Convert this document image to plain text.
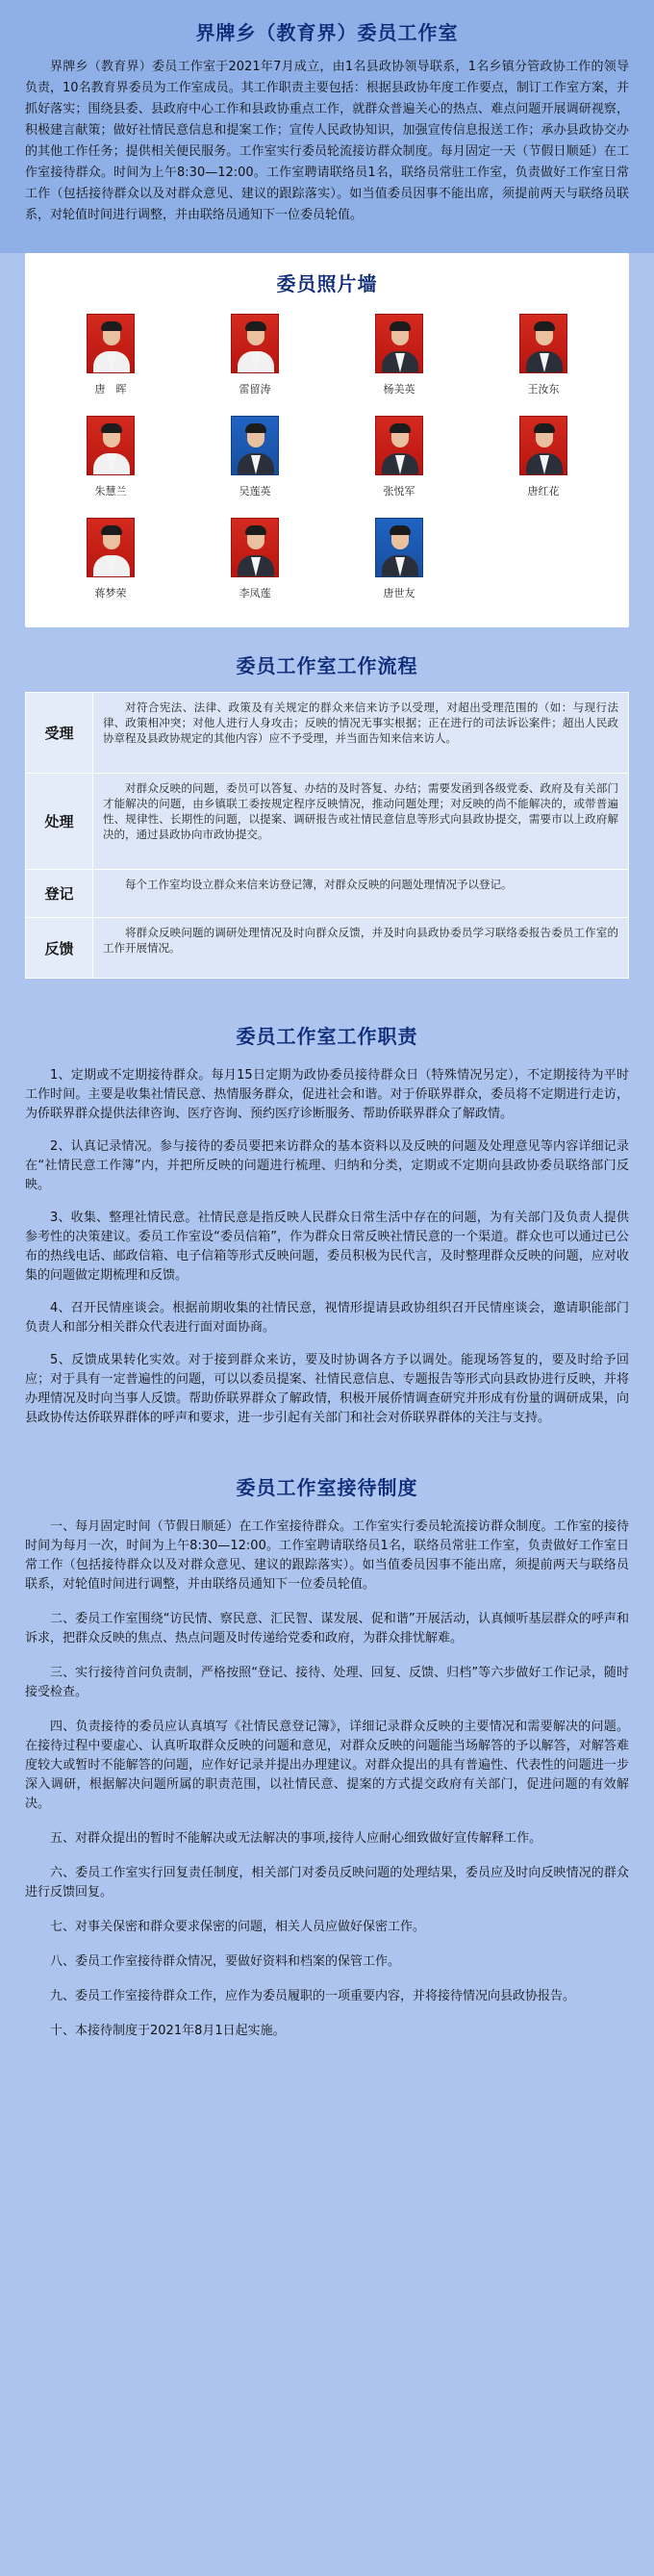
界牌乡（教育界）委员工作室

界牌乡（教育界）委员工作室于2021年7月成立，由1名县政协领导联系，1名乡镇分管政协工作的领导负责，10名教育界委员为工作室成员。其工作职责主要包括：根据县政协年度工作要点，制订工作室方案，并抓好落实；围绕县委、县政府中心工作和县政协重点工作，就群众普遍关心的热点、难点问题开展调研视察，积极建言献策；做好社情民意信息和提案工作；宣传人民政协知识，加强宣传信息报送工作；承办县政协交办的其他工作任务；提供相关便民服务。工作室实行委员轮流接访群众制度。每月固定一天（节假日顺延）在工作室接待群众。时间为上午8:30—12:00。工作室聘请联络员1名，联络员常驻工作室，负责做好工作室日常工作（包括接待群众以及对群众意见、建议的跟踪落实）。如当值委员因事不能出席，须提前两天与联络员联系，对轮值时间进行调整，并由联络员通知下一位委员轮值。

委员照片墙
唐　晖	雷留涛	杨美英	王汝东
朱慧兰	吴莲英	张悦军	唐红花
蒋梦荣	李凤莲	唐世友
委员工作室工作流程
受理
对符合宪法、法律、政策及有关规定的群众来信来访予以受理，对超出受理范围的（如：与现行法律、政策相冲突；对他人进行人身攻击；反映的情况无事实根据；正在进行的司法诉讼案件；超出人民政协章程及县政协规定的其他内容）应不予受理，并当面告知来信来访人。
处理
对群众反映的问题，委员可以答复、办结的及时答复、办结；需要发函到各级党委、政府及有关部门才能解决的问题，由乡镇联工委按规定程序反映情况，推动问题处理；对反映的尚不能解决的，或带普遍性、规律性、长期性的问题，以提案、调研报告或社情民意信息等形式向县政协提交，需要市以上政府解决的，通过县政协向市政协提交。
登记
每个工作室均设立群众来信来访登记簿，对群众反映的问题处理情况予以登记。
反馈
将群众反映问题的调研处理情况及时向群众反馈，并及时向县政协委员学习联络委报告委员工作室的工作开展情况。
委员工作室工作职责

1、定期或不定期接待群众。每月15日定期为政协委员接待群众日（特殊情况另定），不定期接待为平时工作时间。主要是收集社情民意、热情服务群众，促进社会和谐。对于侨联界群众，委员将不定期进行走访，为侨联界群众提供法律咨询、医疗咨询、预约医疗诊断服务、帮助侨联界群众了解政情。

2、认真记录情况。参与接待的委员要把来访群众的基本资料以及反映的问题及处理意见等内容详细记录在“社情民意工作簿”内，并把所反映的问题进行梳理、归纳和分类，定期或不定期向县政协委员联络部门反映。

3、收集、整理社情民意。社情民意是指反映人民群众日常生活中存在的问题，为有关部门及负责人提供参考性的决策建议。委员工作室设“委员信箱”，作为群众日常反映社情民意的一个渠道。群众也可以通过已公布的热线电话、邮政信箱、电子信箱等形式反映问题，委员积极为民代言，及时整理群众反映的问题，应对收集的问题做定期梳理和反馈。

4、召开民情座谈会。根据前期收集的社情民意，视情形提请县政协组织召开民情座谈会，邀请职能部门负责人和部分相关群众代表进行面对面协商。

5、反馈成果转化实效。对于接到群众来访，要及时协调各方予以调处。能现场答复的，要及时给予回应；对于具有一定普遍性的问题，可以以委员提案、社情民意信息、专题报告等形式向县政协进行反映，并将办理情况及时向当事人反馈。帮助侨联界群众了解政情，积极开展侨情调查研究并形成有份量的调研成果，向县政协传达侨联界群体的呼声和要求，进一步引起有关部门和社会对侨联界群体的关注与支持。

委员工作室接待制度

一、每月固定时间（节假日顺延）在工作室接待群众。工作室实行委员轮流接访群众制度。工作室的接待时间为每月一次，时间为上午8:30—12:00。工作室聘请联络员1名，联络员常驻工作室，负责做好工作室日常工作（包括接待群众以及对群众意见、建议的跟踪落实）。如当值委员因事不能出席，须提前两天与联络员联系，对轮值时间进行调整，并由联络员通知下一位委员轮值。

二、委员工作室围绕“访民情、察民意、汇民智、谋发展、促和谐”开展活动，认真倾听基层群众的呼声和诉求，把群众反映的焦点、热点问题及时传递给党委和政府，为群众排忧解难。

三、实行接待首问负责制，严格按照“登记、接待、处理、回复、反馈、归档”等六步做好工作记录，随时接受检查。

四、负责接待的委员应认真填写《社情民意登记簿》，详细记录群众反映的主要情况和需要解决的问题。在接待过程中要虚心、认真听取群众反映的问题和意见，对群众反映的问题能当场解答的予以解答，对解答难度较大或暂时不能解答的问题，应作好记录并提出办理建议。对群众提出的具有普遍性、代表性的问题进一步深入调研，根据解决问题所属的职责范围，以社情民意、提案的方式提交政府有关部门，促进问题的有效解决。

五、对群众提出的暂时不能解决或无法解决的事项,接待人应耐心细致做好宣传解释工作。

六、委员工作室实行回复责任制度，相关部门对委员反映问题的处理结果，委员应及时向反映情况的群众进行反馈回复。

七、对事关保密和群众要求保密的问题，相关人员应做好保密工作。

八、委员工作室接待群众情况，要做好资料和档案的保管工作。

九、委员工作室接待群众工作，应作为委员履职的一项重要内容，并将接待情况向县政协报告。

十、本接待制度于2021年8月1日起实施。
